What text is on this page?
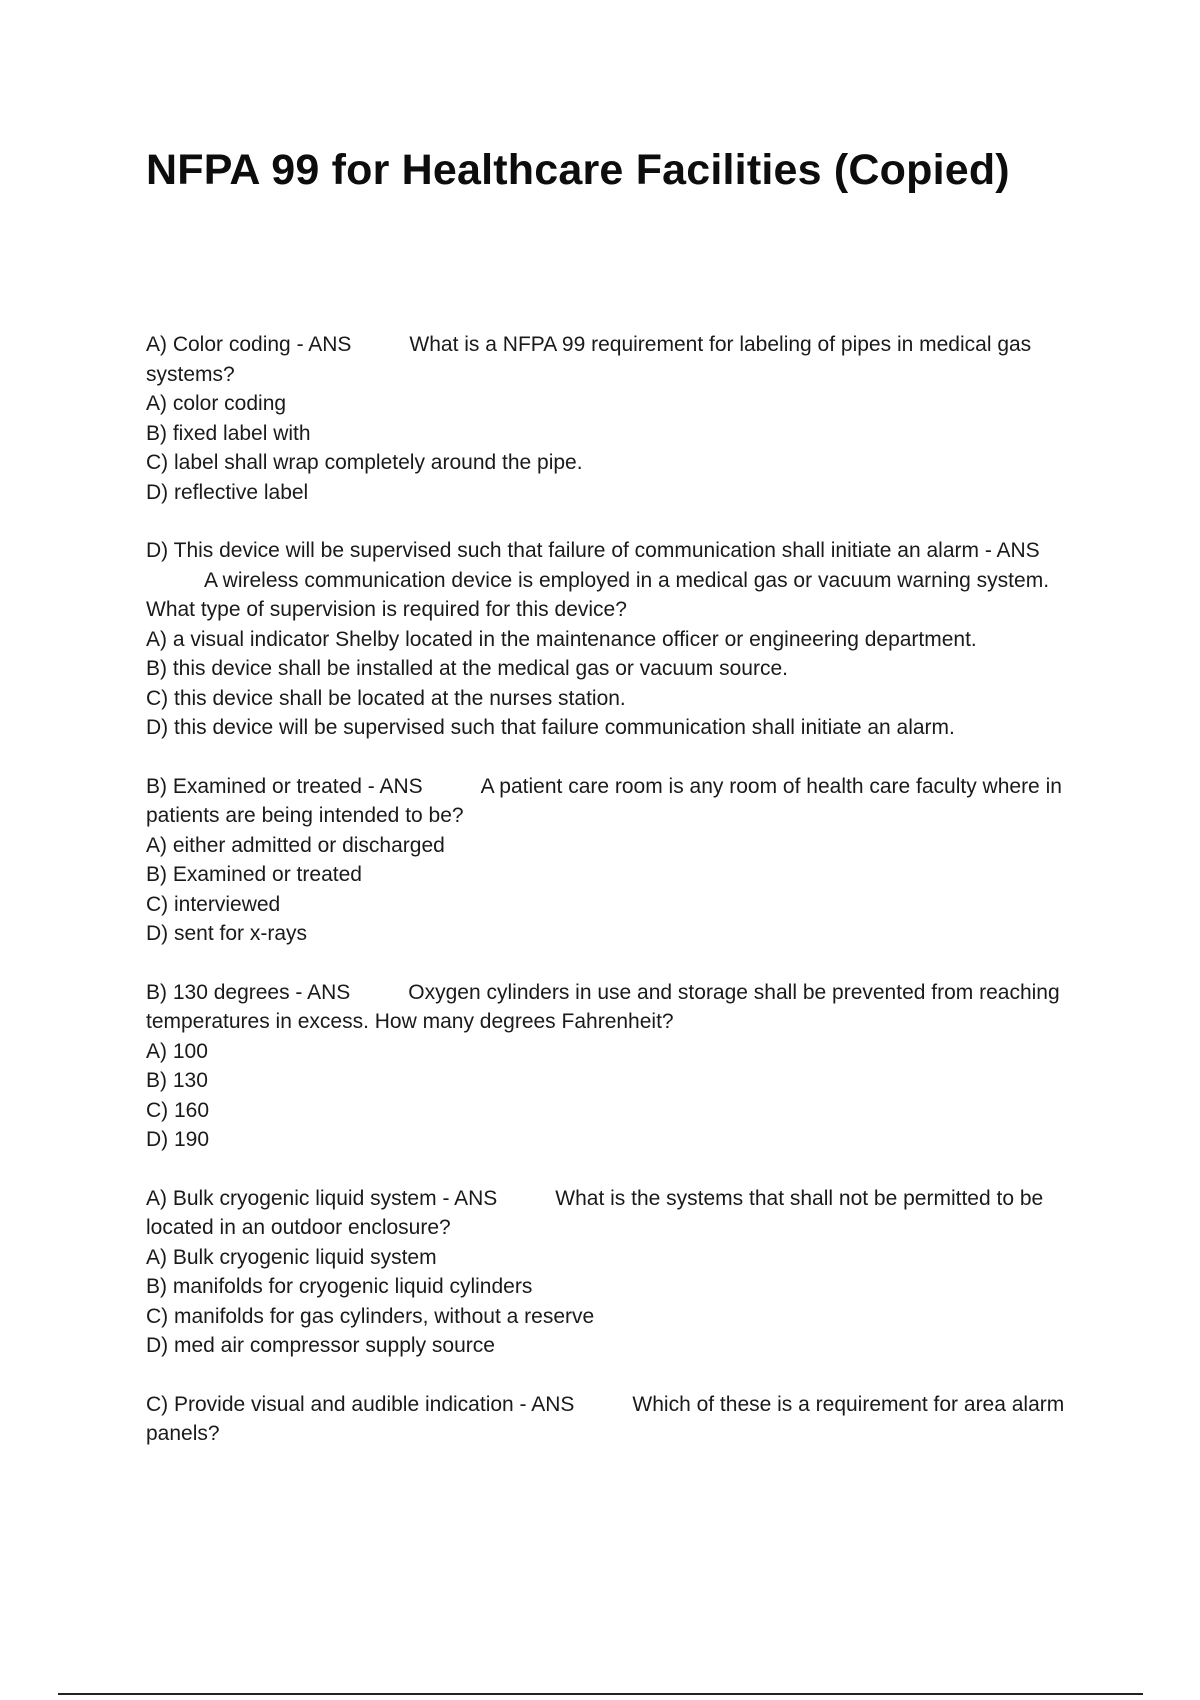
NFPA 99 for Healthcare Facilities (Copied)

A) Color coding - ANS	What is a NFPA 99 requirement for labeling of pipes in medical gas systems?

A) color coding

B) fixed label with

C) label shall wrap completely around the pipe.

D) reflective label

D) This device will be supervised such that failure of communication shall initiate an alarm - ANSA wireless communication device is employed in a medical gas or vacuum warning system. What type of supervision is required for this device?

A) a visual indicator Shelby located in the maintenance officer or engineering department.

B) this device shall be installed at the medical gas or vacuum source.

C) this device shall be located at the nurses station.

D) this device will be supervised such that failure communication shall initiate an alarm.

B) Examined or treated - ANS	A patient care room is any room of health care faculty where in patients are being intended to be?

A) either admitted or discharged

B) Examined or treated

C) interviewed

D) sent for x-rays

B) 130 degrees - ANS	Oxygen cylinders in use and storage shall be prevented from reaching temperatures in excess. How many degrees Fahrenheit?

A) 100

B) 130

C) 160

D) 190

A) Bulk cryogenic liquid system - ANS	What is the systems that shall not be permitted to be located in an outdoor enclosure?

A) Bulk cryogenic liquid system

B) manifolds for cryogenic liquid cylinders

C) manifolds for gas cylinders, without a reserve

D) med air compressor supply source

C) Provide visual and audible indication - ANS	Which of these is a requirement for area alarm panels?
